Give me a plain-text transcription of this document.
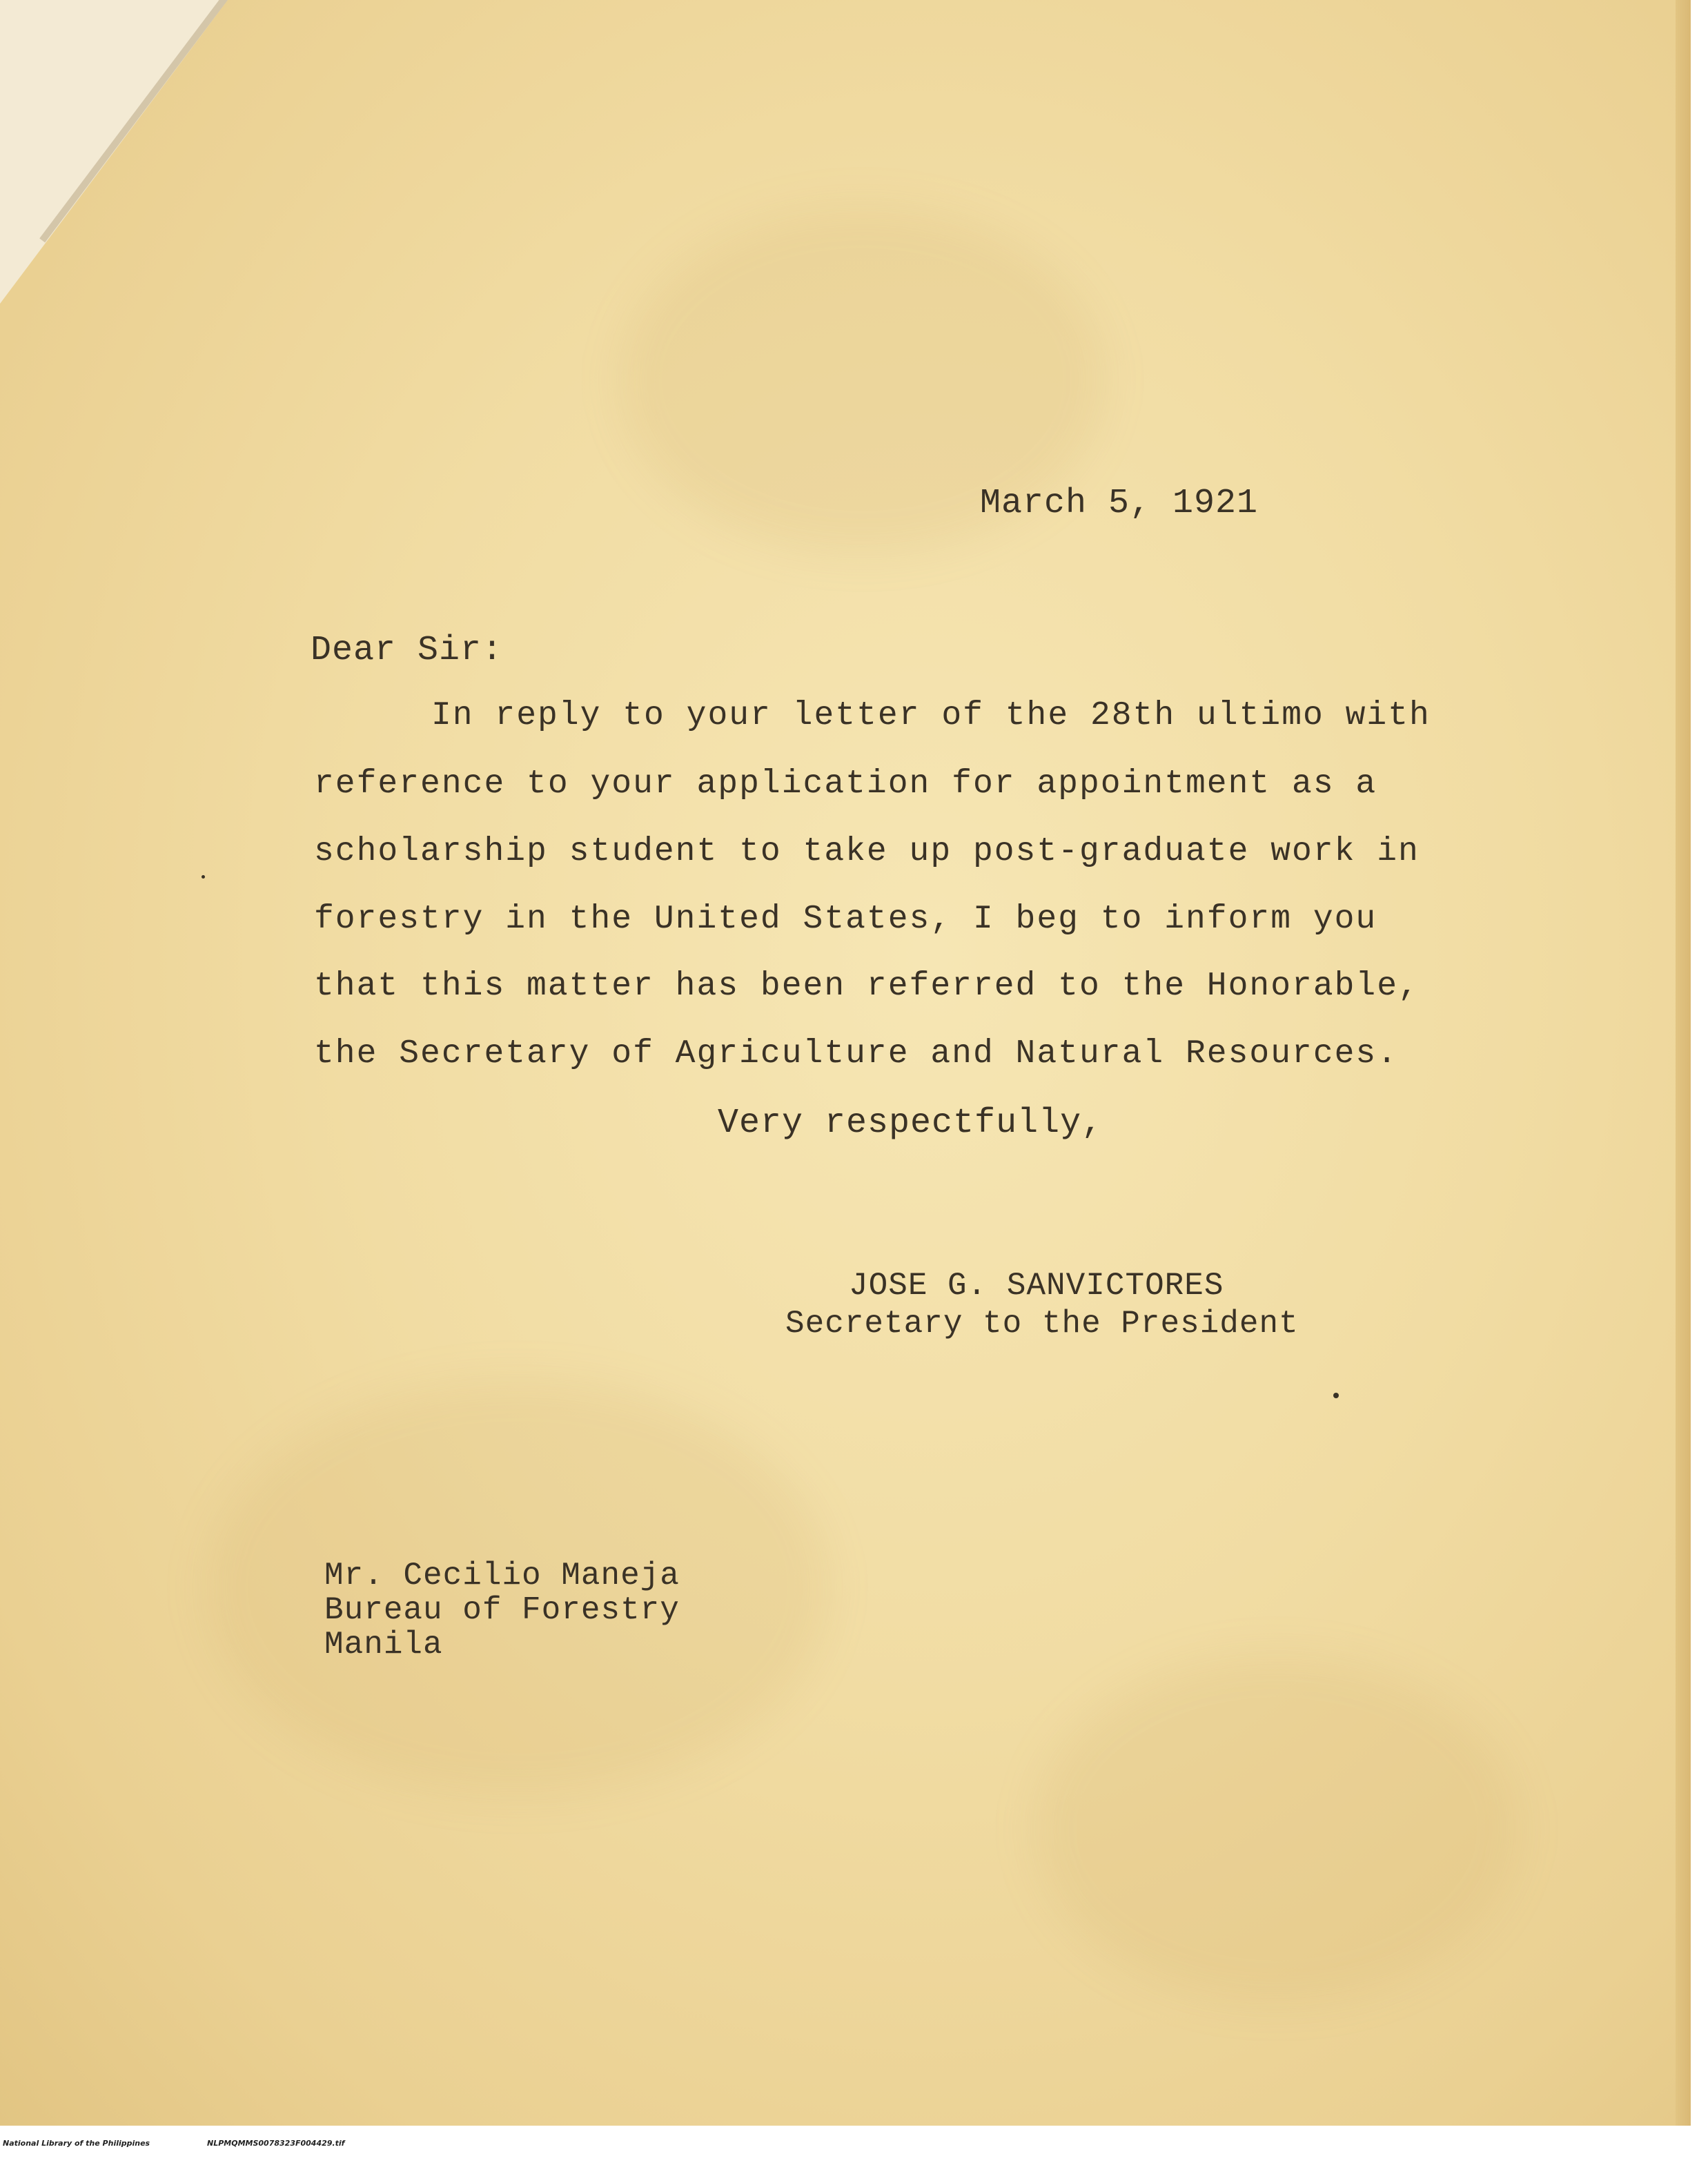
March 5, 1921
Dear Sir:
In reply to your letter of the 28th ultimo with
reference to your application for appointment as a
scholarship student to take up post-graduate work in
forestry in the United States, I beg to inform you
that this matter has been referred to the Honorable,
the Secretary of Agriculture and Natural Resources.
Very respectfully,
JOSE G. SANVICTORES
Secretary to the President
Mr. Cecilio Maneja
Bureau of Forestry
Manila

National Library of the Philippines

	NLPMQMMS0078323F004429.tif
